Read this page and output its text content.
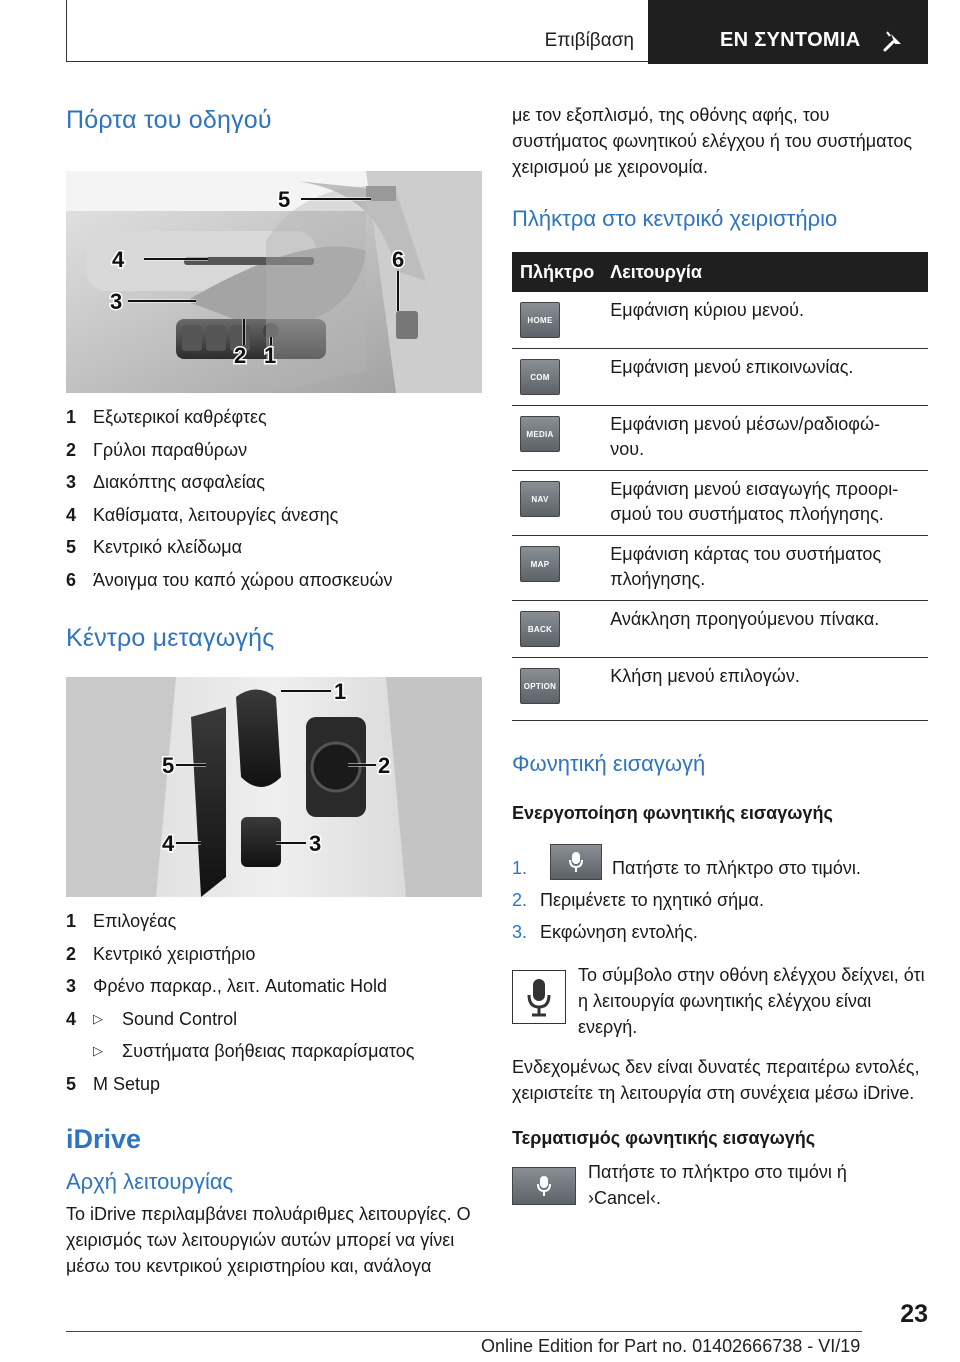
Επιβίβαση	ΕΝ ΣΥΝΤΟΜΙΑ
Πόρτα του οδηγού
4
3
2 1
5
6
1 Εξωτερικοί καθρέφτες
2 Γρύλοι παραθύρων
3 Διακόπτης ασφαλείας
4 Καθίσματα, λειτουργίες άνεσης
5 Κεντρικό κλείδωμα
6 Άνοιγμα του καπό χώρου αποσκευών
Κέντρο μεταγωγής
1
2
3
4
5
1 Επιλογέας
2 Κεντρικό χειριστήριο
3 Φρένο παρκαρ., λειτ. Automatic Hold
4	▷ Sound Control
▷ Συστήματα βοήθειας παρκαρίσματος
5 M Setup
iDrive
Αρχή λειτουργίας

Το iDrive περιλαμβάνει πολυάριθμες λειτουργίες. Ο χειρισμός των λειτουργιών αυτών μπορεί να γίνει μέσω του κεντρικού χειριστηρίου και, ανάλογα

με τον εξοπλισμό, της οθόνης αφής, του συστήματος φωνητικού ελέγχου ή του συστήματος χειρισμού με χειρονομία.

Πλήκτρα στο κεντρικό χειριστήριο
Πλήκτρο	Λειτουργία

HOME	Εμφάνιση κύριου μενού.

COM	Εμφάνιση μενού επικοινωνίας.

MEDIA	Εμφάνιση μενού μέσων/ραδιοφώ-
νου.

NAV	Εμφάνιση μενού εισαγωγής προορι-
σμού του συστήματος πλοήγησης.

MAP	Εμφάνιση κάρτας του συστήματος
πλοήγησης.

BACK	Ανάκληση προηγούμενου πίνακα.

OPTION	Κλήση μενού επιλογών.
Φωνητική εισαγωγή
Ενεργοποίηση φωνητικής εισαγωγής
1.	Πατήστε το πλήκτρο στο τιμόνι.
2. Περιμένετε το ηχητικό σήμα.
3. Εκφώνηση εντολής.

Το σύμβολο στην οθόνη ελέγχου δείχνει, ότι η λειτουργία φωνητικής ελέγχου είναι ενεργή.

Ενδεχομένως δεν είναι δυνατές περαιτέρω εντολές, χειριστείτε τη λειτουργία στη συνέχεια μέσω iDrive.

Τερματισμός φωνητικής εισαγωγής

Πατήστε το πλήκτρο στο τιμόνι ή ›Cancel‹.

23
Online Edition for Part no. 01402666738 - VI/19
